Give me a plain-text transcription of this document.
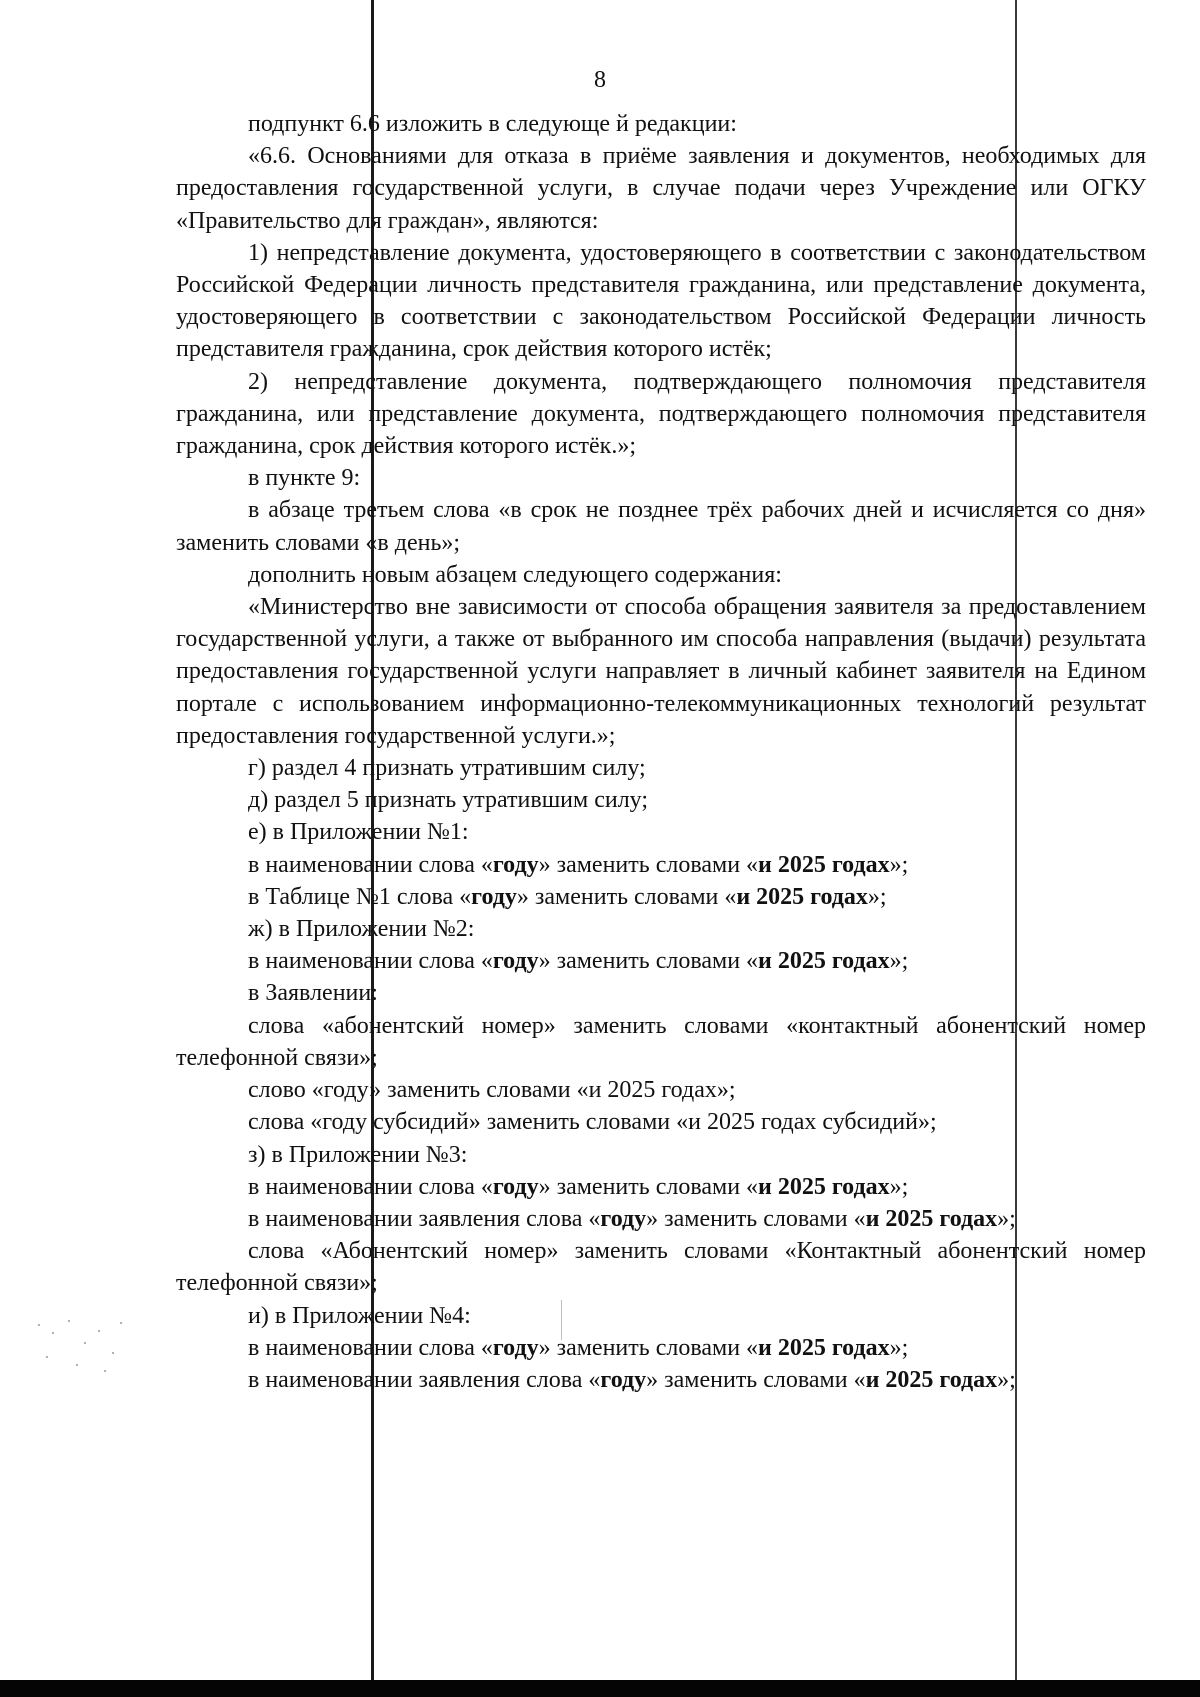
8

подпункт 6.6 изложить в следующе й редакции:

«6.6. Основаниями для отказа в приёме заявления и документов, необходимых для предоставления государственной услуги, в случае подачи через Учреждение или ОГКУ «Правительство для граждан», являются:

1) непредставление документа, удостоверяющего в соответствии с законодательством Российской Федерации личность представителя гражданина, или представление документа, удостоверяющего в соответствии с законодательством Российской Федерации личность представителя гражданина, срок действия которого истёк;

2) непредставление документа, подтверждающего полномочия представителя гражданина, или представление документа, подтверждающего полномочия представителя гражданина, срок действия которого истёк.»;

в пункте 9:

в абзаце третьем слова «в срок не позднее трёх рабочих дней и исчисляется со дня» заменить словами «в день»;

дополнить новым абзацем следующего содержания:

«Министерство вне зависимости от способа обращения заявителя за предоставлением государственной услуги, а также от выбранного им способа направления (выдачи) результата предоставления государственной услуги направляет в личный кабинет заявителя на Едином портале с использованием информационно-телекоммуникационных технологий результат предоставления государственной услуги.»;

г) раздел 4 признать утратившим силу;

д) раздел 5 признать утратившим силу;

е) в Приложении №1:

в наименовании слова «году» заменить словами «и 2025 годах»;

в Таблице №1 слова «году» заменить словами «и 2025 годах»;

ж) в Приложении №2:

в наименовании слова «году» заменить словами «и 2025 годах»;

в Заявлении:

слова «абонентский номер» заменить словами «контактный абонентский номер телефонной связи»;

слово «году» заменить словами «и 2025 годах»;

слова «году субсидий» заменить словами «и 2025 годах субсидий»;

з) в Приложении №3:

в наименовании слова «году» заменить словами «и 2025 годах»;

в наименовании заявления слова «году» заменить словами «и 2025 годах»;

слова «Абонентский номер» заменить словами «Контактный абонентский номер телефонной связи»;

и) в Приложении №4:

в наименовании слова «году» заменить словами «и 2025 годах»;

в наименовании заявления слова «году» заменить словами «и 2025 годах»;
